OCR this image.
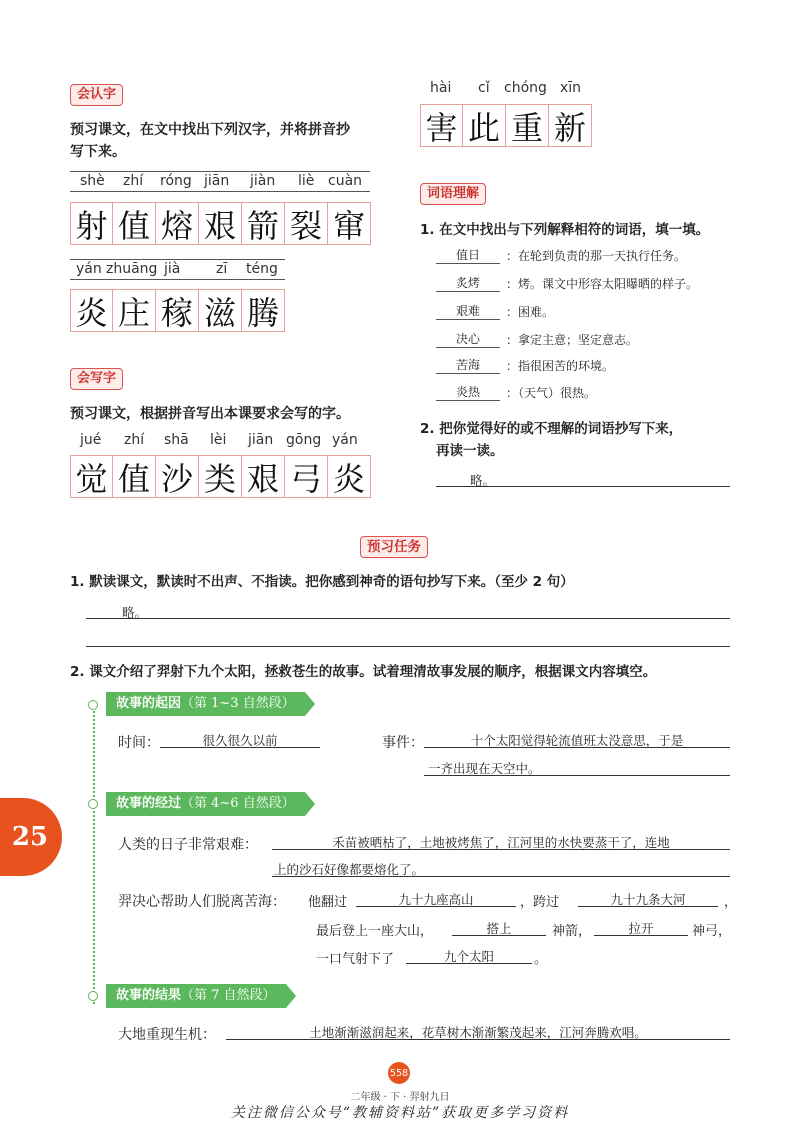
会认字
预习课文，在文中找出下列汉字，并将拼音抄
写下来。
shè zhí róng jiān jiàn liè cuàn
射 值 熔 艰 箭 裂 窜
yán zhuāng jià	zī téng
炎 庄 稼 滋 腾
hài cǐ chóng xīn
害 此 重 新
会写字
预习课文，根据拼音写出本课要求会写的字。
jué zhí shā lèi jiān gōng yán
觉 值 沙 类 艰 弓 炎
词语理解
1. 在文中找出与下列解释相符的词语，填一填。
值日	：在轮到负责的那一天执行任务。
炙烤	：烤。课文中形容太阳曝晒的样子。
艰难	：困难。
决心	：拿定主意；坚定意志。
苦海	：指很困苦的环境。
炎热	：（天气）很热。
2. 把你觉得好的或不理解的词语抄写下来，
再读一读。
略。
预习任务
1. 默读课文，默读时不出声、不指读。把你感到神奇的语句抄写下来。（至少 2 句）
略。
2. 课文介绍了羿射下九个太阳，拯救苍生的故事。试着理清故事发展的顺序，根据课文内容填空。
故事的起因（第 1~3 自然段）
时间：	很久很久以前	事件：	十个太阳觉得轮流值班太没意思，于是
一齐出现在天空中。
故事的经过（第 4~6 自然段）
人类的日子非常艰难：	禾苗被晒枯了，土地被烤焦了，江河里的水快要蒸干了，连地
上的沙石好像都要熔化了。
羿决心帮助人们脱离苦海： 他翻过	九十九座高山	，跨过	九十九条大河	，
最后登上一座大山，	搭上	神箭，	拉开	神弓，
一口气射下了	九个太阳	。
故事的结果（第 7 自然段）
大地重现生机：	土地渐渐滋润起来，花草树木渐渐繁茂起来，江河奔腾欢唱。
25
558
二年级 · 下 · 羿射九日
关注微信公众号“教辅资料站”获取更多学习资料
